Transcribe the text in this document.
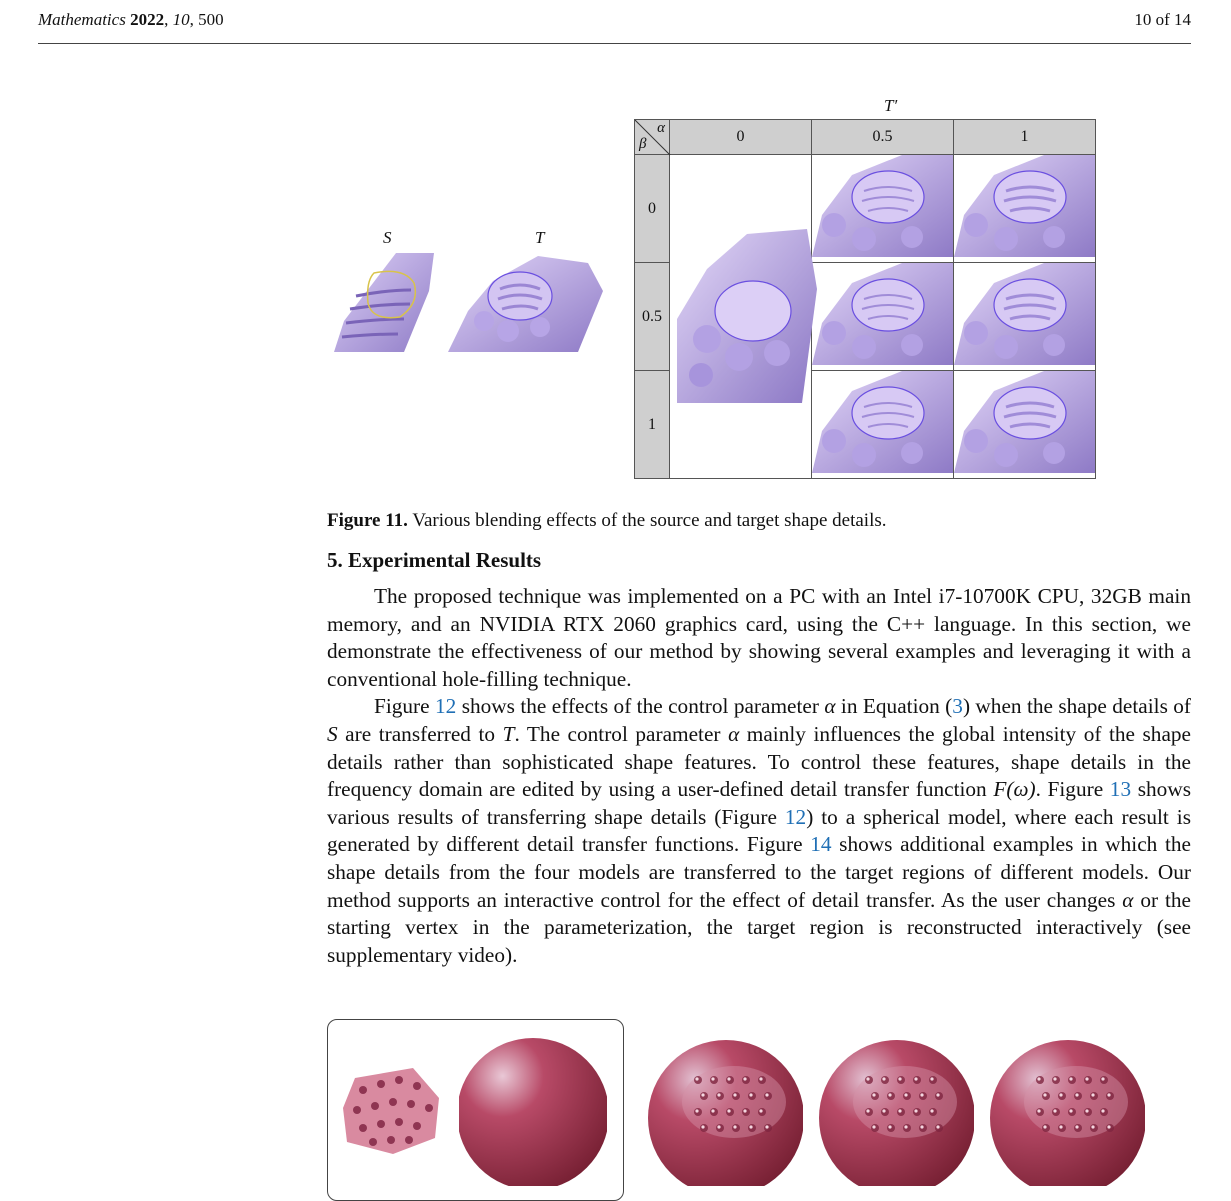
Mathematics 2022, 10, 500	10 of 14
S	T
T′
α
β	0	0.5	1
0			
0.5		
1		
Figure 11. Various blending effects of the source and target shape details.
5. Experimental Results

The proposed technique was implemented on a PC with an Intel i7-10700K CPU, 32GB main memory, and an NVIDIA RTX 2060 graphics card, using the C++ language. In this section, we demonstrate the effectiveness of our method by showing several examples and leveraging it with a conventional hole-filling technique.

Figure 12 shows the effects of the control parameter α in Equation (3) when the shape details of S are transferred to T. The control parameter α mainly influences the global intensity of the shape details rather than sophisticated shape features. To control these features, shape details in the frequency domain are edited by using a user-defined detail transfer function F(ω). Figure 13 shows various results of transferring shape details (Figure 12) to a spherical model, where each result is generated by different detail transfer functions. Figure 14 shows additional examples in which the shape details from the four models are transferred to the target regions of different models. Our method supports an interactive control for the effect of detail transfer. As the user changes α or the starting vertex in the parameterization, the target region is reconstructed interactively (see supplementary video).
